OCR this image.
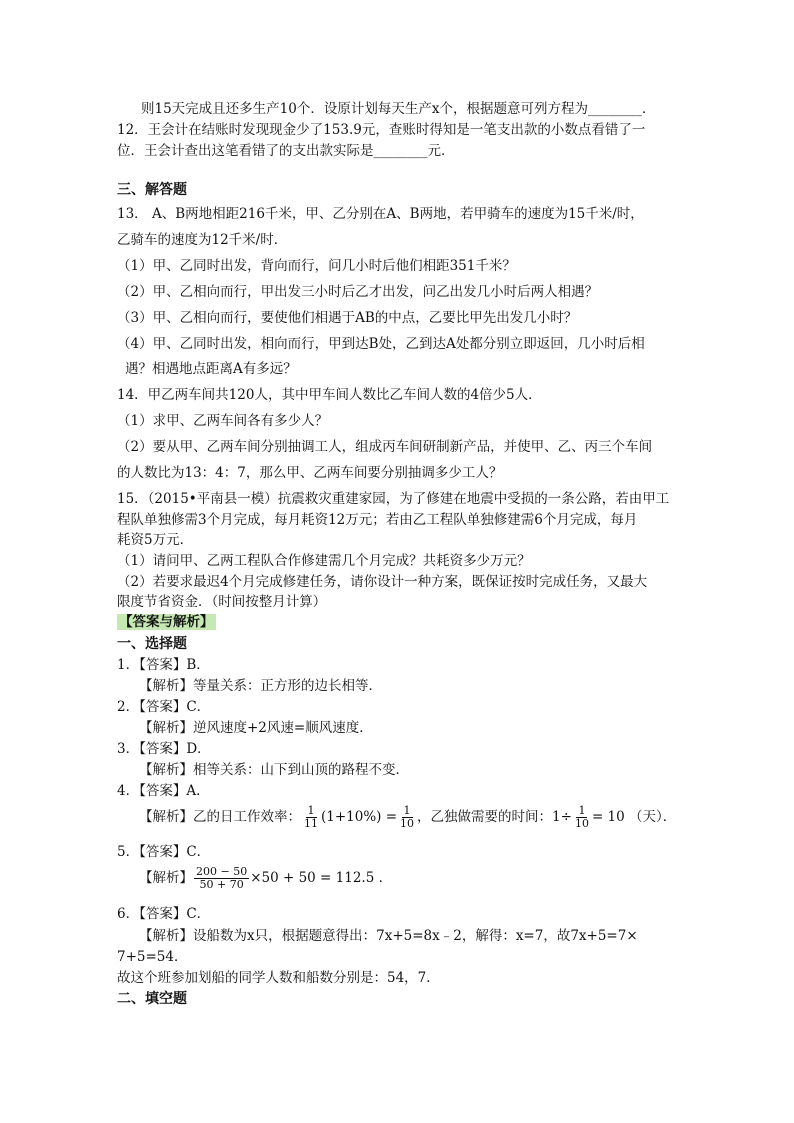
则15天完成且还多生产10个．设原计划每天生产x个，根据题意可列方程为________．
12．王会计在结账时发现现金少了153.9元，查账时得知是一笔支出款的小数点看错了一
位．王会计查出这笔看错了的支出款实际是________元．
三、解答题
13． A、B两地相距216千米，甲、乙分别在A、B两地，若甲骑车的速度为15千米/时，
乙骑车的速度为12千米/时．
（1）甲、乙同时出发，背向而行，问几小时后他们相距351千米？
（2）甲、乙相向而行，甲出发三小时后乙才出发，问乙出发几小时后两人相遇？
（3）甲、乙相向而行，要使他们相遇于AB的中点，乙要比甲先出发几小时？
（4）甲、乙同时出发，相向而行，甲到达B处，乙到达A处都分别立即返回，几小时后相
遇？相遇地点距离A有多远？
14．甲乙两车间共120人，其中甲车间人数比乙车间人数的4倍少5人．
（1）求甲、乙两车间各有多少人？
（2）要从甲、乙两车间分别抽调工人，组成丙车间研制新产品，并使甲、乙、丙三个车间
的人数比为13：4：7，那么甲、乙两车间要分别抽调多少工人？
15．（2015•平南县一模）抗震救灾重建家园，为了修建在地震中受损的一条公路，若由甲工
程队单独修需3个月完成，每月耗资12万元；若由乙工程队单独修建需6个月完成，每月
耗资5万元．
（1）请问甲、乙两工程队合作修建需几个月完成？共耗资多少万元？
（2）若要求最迟4个月完成修建任务，请你设计一种方案，既保证按时完成任务，又最大
限度节省资金．（时间按整月计算）
【答案与解析】
一、选择题
1．【答案】B．
【解析】等量关系：正方形的边长相等．
2．【答案】C．
【解析】逆风速度+2风速=顺风速度．
3．【答案】D．
【解析】相等关系：山下到山顶的路程不变．
4．【答案】A．
【解析】乙的日工作效率： $\frac{1}{11} (1+10\%) = \frac{1}{10}$ ，乙独做需要的时间：$1\div \frac{1}{10} = 10$ （天）．
5．【答案】C．
【解析】 $\frac{200 - 50}{50 + 70} \times 50 + 50 = 112.5$ ．
6．【答案】C．
【解析】设船数为x只，根据题意得出：7x+5=8x﹣2，解得：x=7，故7x+5=7×
7+5=54．
故这个班参加划船的同学人数和船数分别是：54，7．
二、填空题
